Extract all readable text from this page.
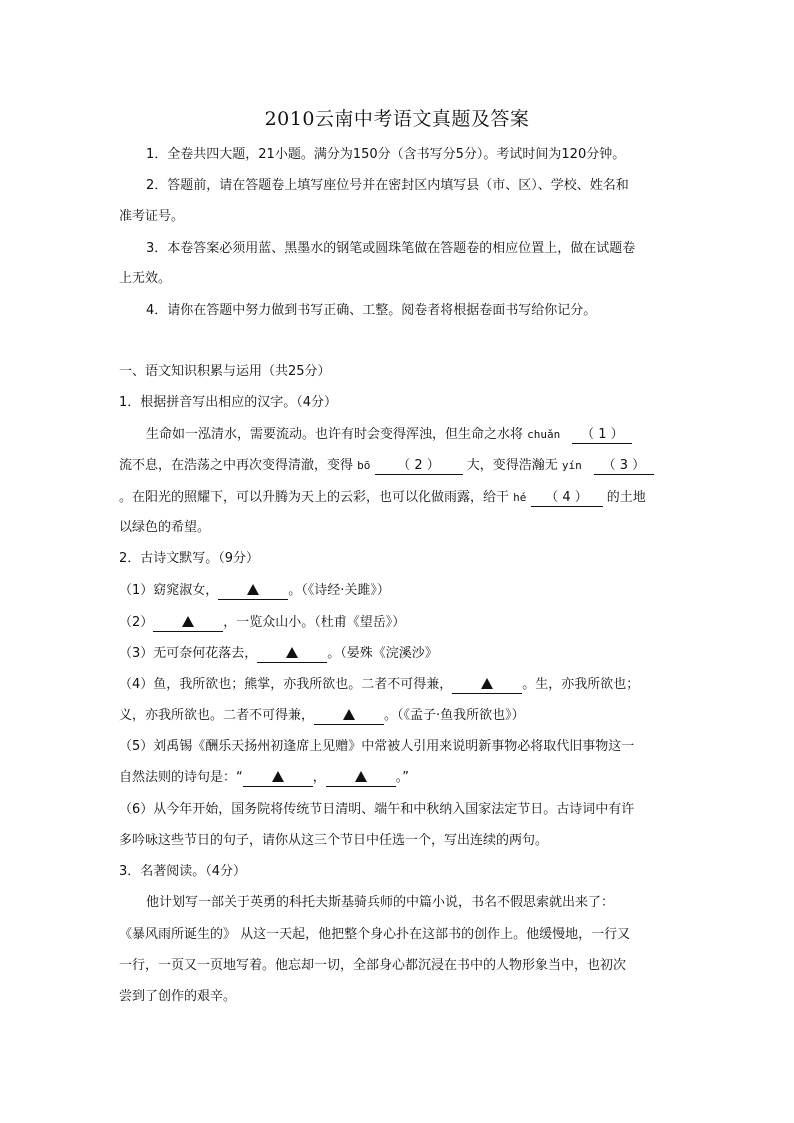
2010云南中考语文真题及答案
1．全卷共四大题，21小题。满分为150分（含书写分5分）。考试时间为120分钟。
2．答题前，请在答题卷上填写座位号并在密封区内填写县（市、区）、学校、姓名和
准考证号。
3．本卷答案必须用蓝、黑墨水的钢笔或圆珠笔做在答题卷的相应位置上，做在试题卷
上无效。
4．请你在答题中努力做到书写正确、工整。阅卷者将根据卷面书写给你记分。
一、语文知识积累与运用（共25分）
1．根据拼音写出相应的汉字。（4分）
生命如一泓清水，需要流动。也许有时会变得浑浊，但生命之水将 chuǎn （ 1 ）
流不息，在浩荡之中再次变得清澈，变得 bō （ 2 ） 大，变得浩瀚无 yín （ 3 ）
。在阳光的照耀下，可以升腾为天上的云彩，也可以化做雨露，给干 hé （ 4 ） 的土地
以绿色的希望。
2．古诗文默写。（9分）
（1）窈窕淑女，	。（《诗经·关雎》）
（2）	，一览众山小。（杜甫《望岳》）
（3）无可奈何花落去，	。（晏殊《浣溪沙》
（4）鱼，我所欲也；熊掌，亦我所欲也。二者不可得兼，	。生，亦我所欲也；
义，亦我所欲也。二者不可得兼，	。（《孟子·鱼我所欲也》）
（5）刘禹锡《酬乐天扬州初逢席上见赠》中常被人引用来说明新事物必将取代旧事物这一
自然法则的诗句是：“	，	。”
（6）从今年开始，国务院将传统节日清明、端午和中秋纳入国家法定节日。古诗词中有许
多吟咏这些节日的句子，请你从这三个节日中任选一个，写出连续的两句。
3．名著阅读。（4分）
他计划写一部关于英勇的科托夫斯基骑兵师的中篇小说，书名不假思索就出来了：
《暴风雨所诞生的》 从这一天起，他把整个身心扑在这部书的创作上。他缓慢地，一行又
一行，一页又一页地写着。他忘却一切，全部身心都沉浸在书中的人物形象当中，也初次
尝到了创作的艰辛。
